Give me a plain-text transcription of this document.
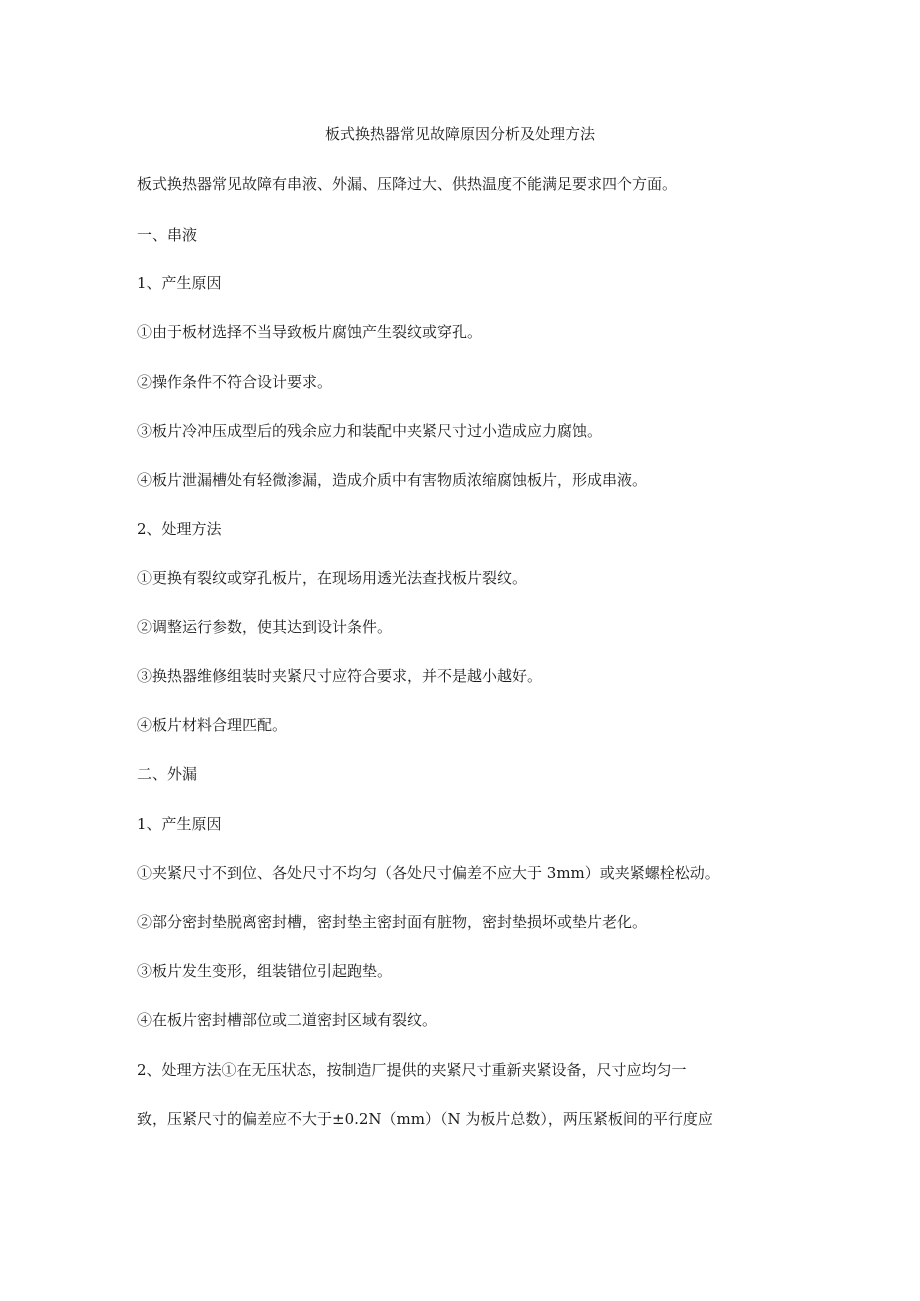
板式换热器常见故障原因分析及处理方法
板式换热器常见故障有串液、外漏、压降过大、供热温度不能满足要求四个方面。
一、串液
1、产生原因
①由于板材选择不当导致板片腐蚀产生裂纹或穿孔。
②操作条件不符合设计要求。
③板片冷冲压成型后的残余应力和装配中夹紧尺寸过小造成应力腐蚀。
④板片泄漏槽处有轻微渗漏，造成介质中有害物质浓缩腐蚀板片，形成串液。
2、处理方法
①更换有裂纹或穿孔板片，在现场用透光法查找板片裂纹。
②调整运行参数，使其达到设计条件。
③换热器维修组装时夹紧尺寸应符合要求，并不是越小越好。
④板片材料合理匹配。
二、外漏
1、产生原因
①夹紧尺寸不到位、各处尺寸不均匀（各处尺寸偏差不应大于 3mm）或夹紧螺栓松动。
②部分密封垫脱离密封槽，密封垫主密封面有脏物，密封垫损坏或垫片老化。
③板片发生变形，组装错位引起跑垫。
④在板片密封槽部位或二道密封区域有裂纹。
2、处理方法①在无压状态，按制造厂提供的夹紧尺寸重新夹紧设备，尺寸应均匀一
致，压紧尺寸的偏差应不大于±0.2N（mm）（N 为板片总数），两压紧板间的平行度应
